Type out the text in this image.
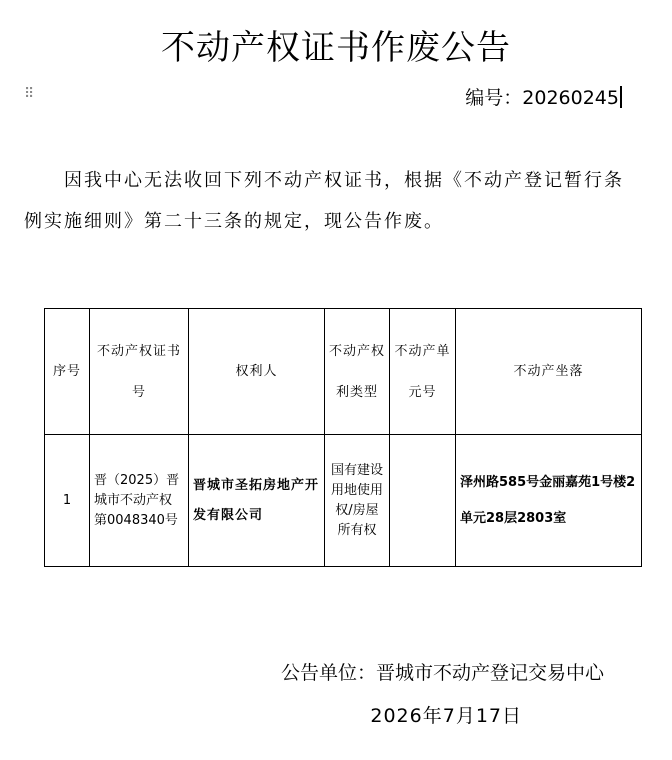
不动产权证书作废公告
⠿	编号：20260245
因我中心无法收回下列不动产权证书，根据《不动产登记暂行条例实施细则》第二十三条的规定，现公告作废。
序号	不动产权证书号	权利人	不动产权利类型	不动产单元号	不动产坐落
1	晋（2025）晋城市不动产权第0048340号	晋城市圣拓房地产开发有限公司	国有建设用地使用权/房屋所有权		泽州路585号金丽嘉苑1号楼2单元28层2803室
公告单位：晋城市不动产登记交易中心
2026年7月17日
